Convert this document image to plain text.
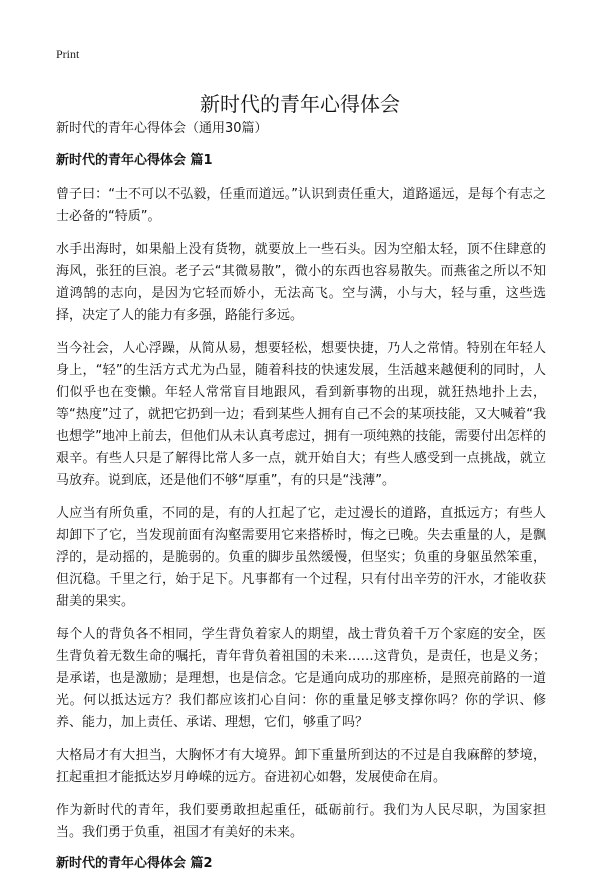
Print
新时代的青年心得体会
新时代的青年心得体会（通用30篇）
新时代的青年心得体会 篇1

曾子曰：“士不可以不弘毅，任重而道远。”认识到责任重大，道路遥远，是每个有志之士必备的“特质”。

水手出海时，如果船上没有货物，就要放上一些石头。因为空船太轻，顶不住肆意的海风，张狂的巨浪。老子云“其微易散”，微小的东西也容易散失。而燕雀之所以不知道鸿鹄的志向，是因为它轻而娇小，无法高飞。空与满，小与大，轻与重，这些选择，决定了人的能力有多强，路能行多远。

当今社会，人心浮躁，从简从易，想要轻松，想要快捷，乃人之常情。特别在年轻人身上，“轻”的生活方式尤为凸显，随着科技的快速发展，生活越来越便利的同时，人们似乎也在变懒。年轻人常常盲目地跟风，看到新事物的出现，就狂热地扑上去，等“热度”过了，就把它扔到一边；看到某些人拥有自己不会的某项技能，又大喊着“我也想学”地冲上前去，但他们从未认真考虑过，拥有一项纯熟的技能，需要付出怎样的艰辛。有些人只是了解得比常人多一点，就开始自大；有些人感受到一点挑战，就立马放弃。说到底，还是他们不够“厚重”，有的只是“浅薄”。

人应当有所负重，不同的是，有的人扛起了它，走过漫长的道路，直抵远方；有些人却卸下了它，当发现前面有沟壑需要用它来搭桥时，悔之已晚。失去重量的人，是飘浮的，是动摇的，是脆弱的。负重的脚步虽然缓慢，但坚实；负重的身躯虽然笨重，但沉稳。千里之行，始于足下。凡事都有一个过程，只有付出辛劳的汗水，才能收获甜美的果实。

每个人的背负各不相同，学生背负着家人的期望，战士背负着千万个家庭的安全，医生背负着无数生命的嘱托，青年背负着祖国的未来……这背负，是责任，也是义务；是承诺，也是激励；是理想，也是信念。它是通向成功的那座桥，是照亮前路的一道光。何以抵达远方？我们都应该扪心自问：你的重量足够支撑你吗？你的学识、修养、能力，加上责任、承诺、理想，它们，够重了吗？

大格局才有大担当，大胸怀才有大境界。卸下重量所到达的不过是自我麻醉的梦境，扛起重担才能抵达岁月峥嵘的远方。奋进初心如磐，发展使命在肩。

作为新时代的青年，我们要勇敢担起重任，砥砺前行。我们为人民尽职，为国家担当。我们勇于负重，祖国才有美好的未来。

新时代的青年心得体会 篇2
